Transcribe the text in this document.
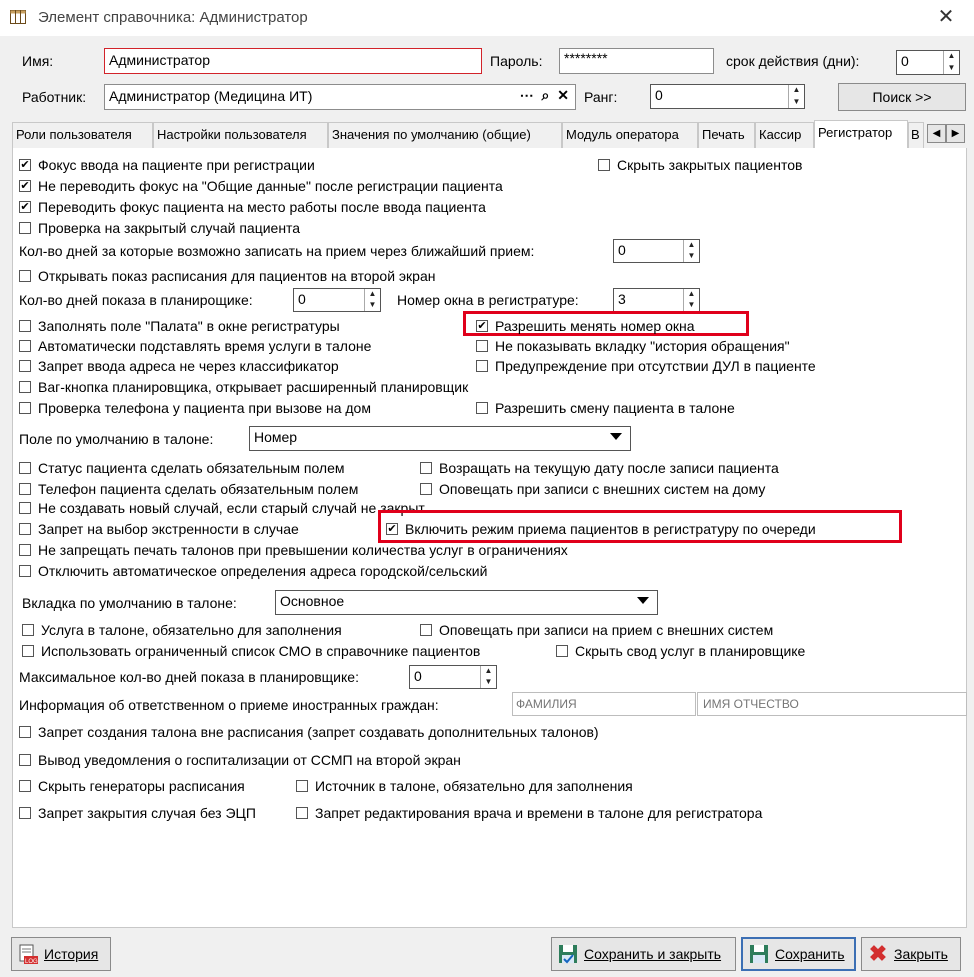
Элемент справочника: Администратор	✕
Имя:	Администратор	Пароль:	********	срок действия (дни):	0	▲
▼
Работник:	Администратор (Медицина ИТ)	⋯ ⌕ ✕ Ранг:	0	▲
▼	Поиск >>
Роли пользователя	Настройки пользователя	Значения по умолчанию (общие)	Модуль оператора	Печать	Кассир	Регистратор	В	◀	▶
✔ Фокус ввода на пациенте при регистрации	Скрыть закрытых пациентов
✔ Не переводить фокус на "Общие данные" после регистрации пациента
✔ Переводить фокус пациента на место работы после ввода пациента
Проверка на закрытый случай пациента
Кол-во дней за которые возможно записать на прием через ближайший прием:	0	▲
▼
Открывать показ расписания для пациентов на второй экран
Кол-во дней показа в планирощике:	0	▲
▼ Номер окна в регистратуре:	3	▲
▼
Заполнять поле "Палата" в окне регистратуры	✔ Разрешить менять номер окна
Автоматически подставлять время услуги в талоне	Не показывать вкладку "история обращения"
Запрет ввода адреса не через классификатор	Предупреждение при отсутствии ДУЛ в пациенте
Ваг-кнопка планировщика, открывает расширенный планировщик
Проверка телефона у пациента при вызове на дом	Разрешить смену пациента в талоне
Поле по умолчанию в талоне:	Номер
Статус пациента сделать обязательным полем	Возращать на текущую дату после записи пациента
Телефон пациента сделать обязательным полем	Оповещать при записи с внешних систем на дому
Не создавать новый случай, если старый случай не закрыт
Запрет на выбор экстренности в случае	✔ Включить режим приема пациентов в регистратуру по очереди
Не запрещать печать талонов при превышении количества услуг в ограничениях
Отключить автоматическое определения адреса городской/сельский
Вкладка по умолчанию в талоне:	Основное
Услуга в талоне, обязательно для заполнения	Оповещать при записи на прием с внешних систем
Использовать ограниченный список СМО в справочнике пациентов	Скрыть свод услуг в планировщике
Максимальное кол-во дней показа в планировщике:	0	▲
▼
Информация об ответственном о приеме иностранных граждан:
ФАМИЛИЯ
ИМЯ ОТЧЕСТВО
Запрет создания талона вне расписания (запрет создавать дополнительных талонов)
Вывод уведомления о госпитализации от ССМП на второй экран
Скрыть генераторы расписания	Источник в талоне, обязательно для заполнения
Запрет закрытия случая без ЭЦП	Запрет редактирования врача и времени в талоне для регистратора
LOG История	Сохранить и закрыть	Сохранить ✖ Закрыть
